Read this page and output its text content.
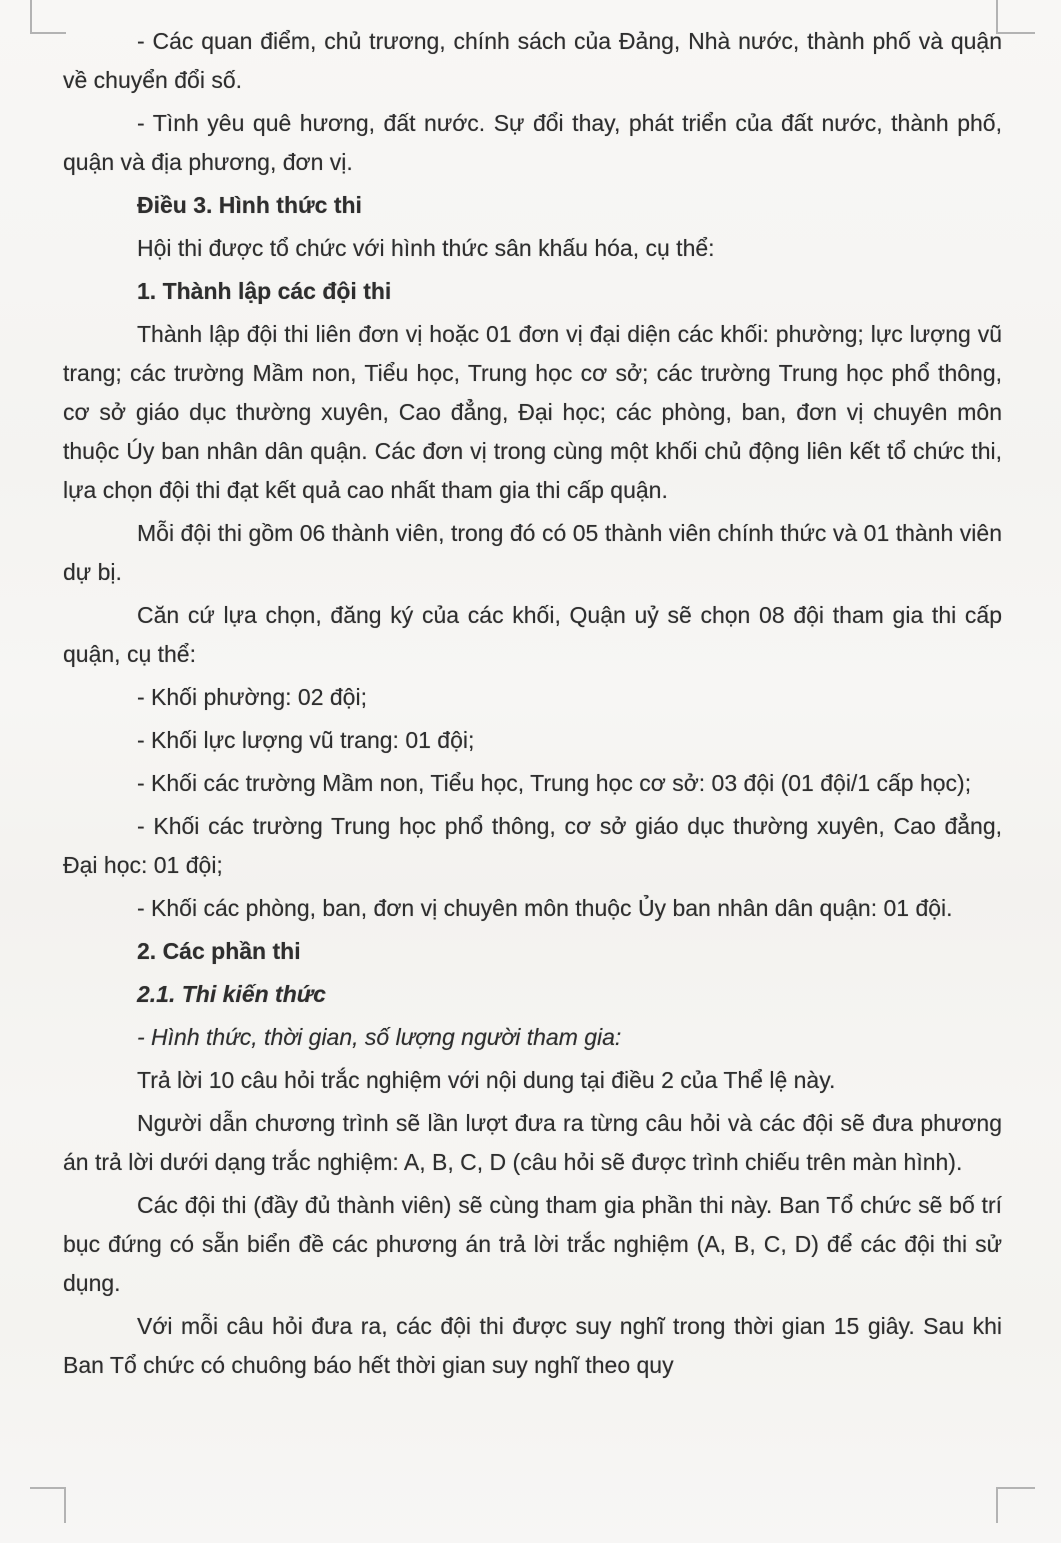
- Các quan điểm, chủ trương, chính sách của Đảng, Nhà nước, thành phố và quận về chuyển đổi số.

- Tình yêu quê hương, đất nước. Sự đổi thay, phát triển của đất nước, thành phố, quận và địa phương, đơn vị.

Điều 3. Hình thức thi

Hội thi được tổ chức với hình thức sân khấu hóa, cụ thể:

1. Thành lập các đội thi

Thành lập đội thi liên đơn vị hoặc 01 đơn vị đại diện các khối: phường; lực lượng vũ trang; các trường Mầm non, Tiểu học, Trung học cơ sở; các trường Trung học phổ thông, cơ sở giáo dục thường xuyên, Cao đẳng, Đại học; các phòng, ban, đơn vị chuyên môn thuộc Úy ban nhân dân quận. Các đơn vị trong cùng một khối chủ động liên kết tổ chức thi, lựa chọn đội thi đạt kết quả cao nhất tham gia thi cấp quận.

Mỗi đội thi gồm 06 thành viên, trong đó có 05 thành viên chính thức và 01 thành viên dự bị.

Căn cứ lựa chọn, đăng ký của các khối, Quận uỷ sẽ chọn 08 đội tham gia thi cấp quận, cụ thể:

- Khối phường: 02 đội;

- Khối lực lượng vũ trang: 01 đội;

- Khối các trường Mầm non, Tiểu học, Trung học cơ sở: 03 đội (01 đội/1 cấp học);

- Khối các trường Trung học phổ thông, cơ sở giáo dục thường xuyên, Cao đẳng, Đại học: 01 đội;

- Khối các phòng, ban, đơn vị chuyên môn thuộc Ủy ban nhân dân quận: 01 đội.

2. Các phần thi

2.1. Thi kiến thức

- Hình thức, thời gian, số lượng người tham gia:

Trả lời 10 câu hỏi trắc nghiệm với nội dung tại điều 2 của Thể lệ này.

Người dẫn chương trình sẽ lần lượt đưa ra từng câu hỏi và các đội sẽ đưa phương án trả lời dưới dạng trắc nghiệm: A, B, C, D (câu hỏi sẽ được trình chiếu trên màn hình).

Các đội thi (đầy đủ thành viên) sẽ cùng tham gia phần thi này. Ban Tổ chức sẽ bố trí bục đứng có sẵn biển đề các phương án trả lời trắc nghiệm (A, B, C, D) để các đội thi sử dụng.

Với mỗi câu hỏi đưa ra, các đội thi được suy nghĩ trong thời gian 15 giây. Sau khi Ban Tổ chức có chuông báo hết thời gian suy nghĩ theo quy
